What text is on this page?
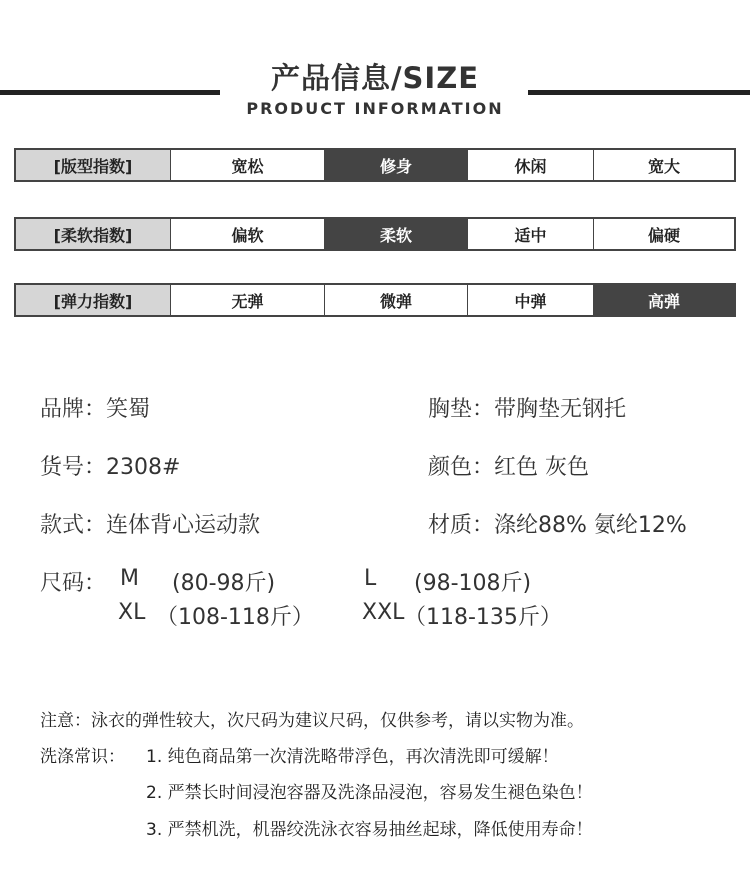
产品信息/SIZE
PRODUCT INFORMATION
[版型指数]	宽松	修身	休闲	宽大
[柔软指数]	偏软	柔软	适中	偏硬
[弹力指数]	无弹	微弹	中弹	高弹
品牌：笑蜀	胸垫：带胸垫无钢托
货号：2308#	颜色：红色 灰色
款式：连体背心运动款	材质：涤纶88% 氨纶12%
尺码： M (80-98斤)	L (98-108斤)
XL （108-118斤） XXL （118-135斤）
注意：泳衣的弹性较大，次尺码为建议尺码，仅供参考，请以实物为准。
洗涤常识： 1. 纯色商品第一次清洗略带浮色，再次清洗即可缓解！
2. 严禁长时间浸泡容器及洗涤品浸泡，容易发生褪色染色！
3. 严禁机洗，机器绞洗泳衣容易抽丝起球，降低使用寿命！
